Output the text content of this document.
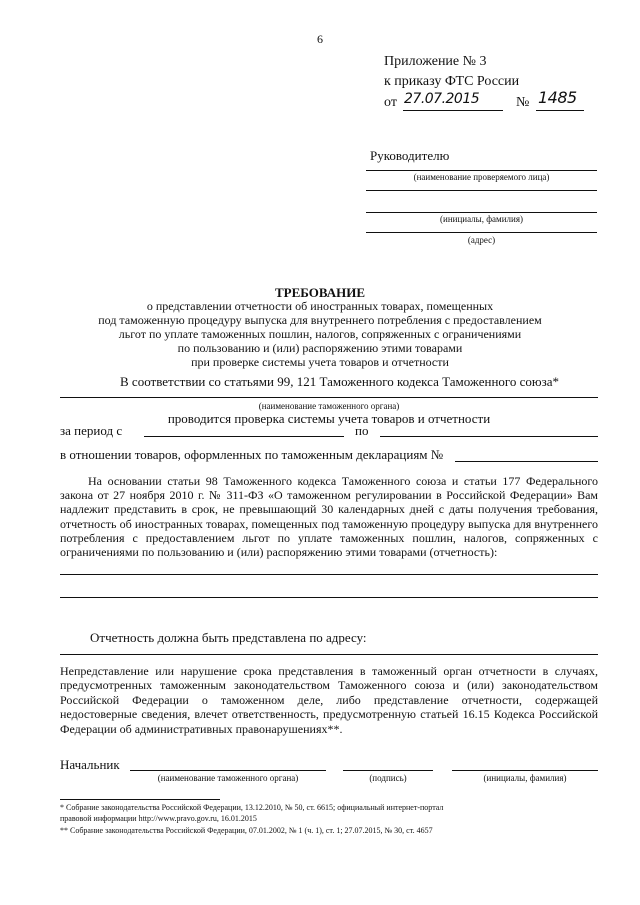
6
Приложение № 3
к приказу ФТС России
от 27.07.2015	№ 1485
Руководителю
(наименование проверяемого лица)
(инициалы, фамилия)
(адрес)
ТРЕБОВАНИЕ
о представлении отчетности об иностранных товарах, помещенных
под таможенную процедуру выпуска для внутреннего потребления с предоставлением
льгот по уплате таможенных пошлин, налогов, сопряженных с ограничениями
по пользованию и (или) распоряжению этими товарами
при проверке системы учета товаров и отчетности
В соответствии со статьями 99, 121 Таможенного кодекса Таможенного союза*
(наименование таможенного органа)
проводится проверка системы учета товаров и отчетности
за период с	по
в отношении товаров, оформленных по таможенным декларациям №
На основании статьи 98 Таможенного кодекса Таможенного союза и статьи 177 Федерального закона от 27 ноября 2010 г. № 311-ФЗ «О таможенном регулировании в Российской Федерации» Вам надлежит представить в срок, не превышающий 30 календарных дней с даты получения требования, отчетность об иностранных товарах, помещенных под таможенную процедуру выпуска для внутреннего потребления с предоставлением льгот по уплате таможенных пошлин, налогов, сопряженных с ограничениями по пользованию и (или) распоряжению этими товарами (отчетность):
Отчетность должна быть представлена по адресу:
Непредставление или нарушение срока представления в таможенный орган отчетности в случаях, предусмотренных таможенным законодательством Таможенного союза и (или) законодательством Российской Федерации о таможенном деле, либо представление отчетности, содержащей недостоверные сведения, влечет ответственность, предусмотренную статьей 16.15 Кодекса Российской Федерации об административных правонарушениях**.
Начальник
(наименование таможенного органа)	(подпись)	(инициалы, фамилия)
* Собрание законодательства Российской Федерации, 13.12.2010, № 50, ст. 6615; официальный интернет-портал
правовой информации http://www.pravo.gov.ru, 16.01.2015
** Собрание законодательства Российской Федерации, 07.01.2002, № 1 (ч. 1), ст. 1; 27.07.2015, № 30, ст. 4657
